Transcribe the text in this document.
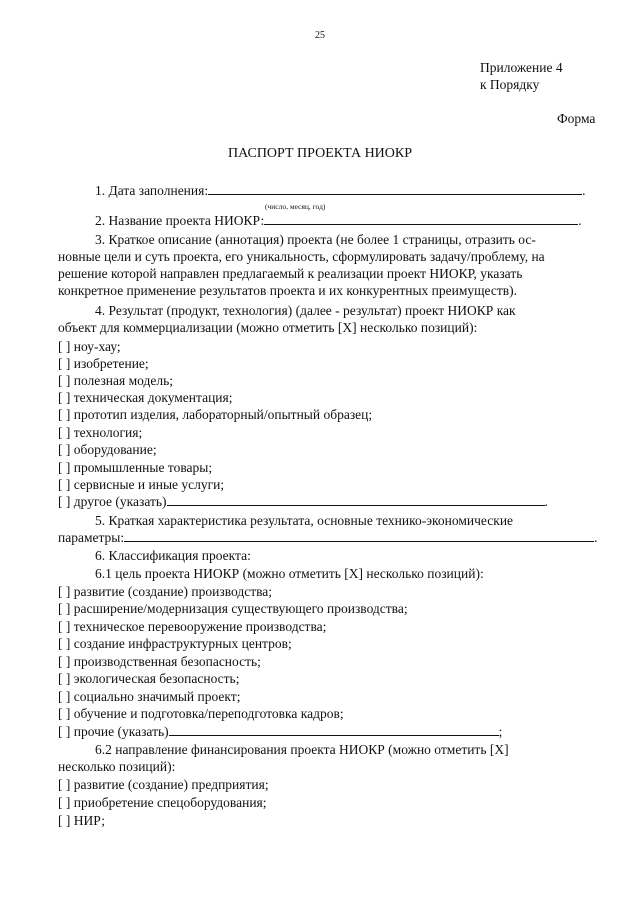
25
Приложение 4
к Порядку
Форма
ПАСПОРТ ПРОЕКТА НИОКР
1. Дата заполнения:	.
(число, месяц, год)
2. Название проекта НИОКР:	.
3. Краткое описание (аннотация) проекта (не более 1 страницы, отразить ос-
новные цели и суть проекта, его уникальность, сформулировать задачу/проблему, на
решение которой направлен предлагаемый к реализации проект НИОКР, указать
конкретное применение результатов проекта и их конкурентных преимуществ).
4. Результат (продукт, технология) (далее - результат) проект НИОКР как
объект для коммерциализации (можно отметить [X] несколько позиций):
[ ] ноу-хау;
[ ] изобретение;
[ ] полезная модель;
[ ] техническая документация;
[ ] прототип изделия, лабораторный/опытный образец;
[ ] технология;
[ ] оборудование;
[ ] промышленные товары;
[ ] сервисные и иные услуги;
[ ] другое (указать)	.
5. Краткая характеристика результата, основные технико-экономические
параметры:	.
6. Классификация проекта:
6.1 цель проекта НИОКР (можно отметить [X] несколько позиций):
[ ] развитие (создание) производства;
[ ] расширение/модернизация существующего производства;
[ ] техническое перевооружение производства;
[ ] создание инфраструктурных центров;
[ ] производственная безопасность;
[ ] экологическая безопасность;
[ ] социально значимый проект;
[ ] обучение и подготовка/переподготовка кадров;
[ ] прочие (указать)	;
6.2 направление финансирования проекта НИОКР (можно отметить [X]
несколько позиций):
[ ] развитие (создание) предприятия;
[ ] приобретение спецоборудования;
[ ] НИР;
